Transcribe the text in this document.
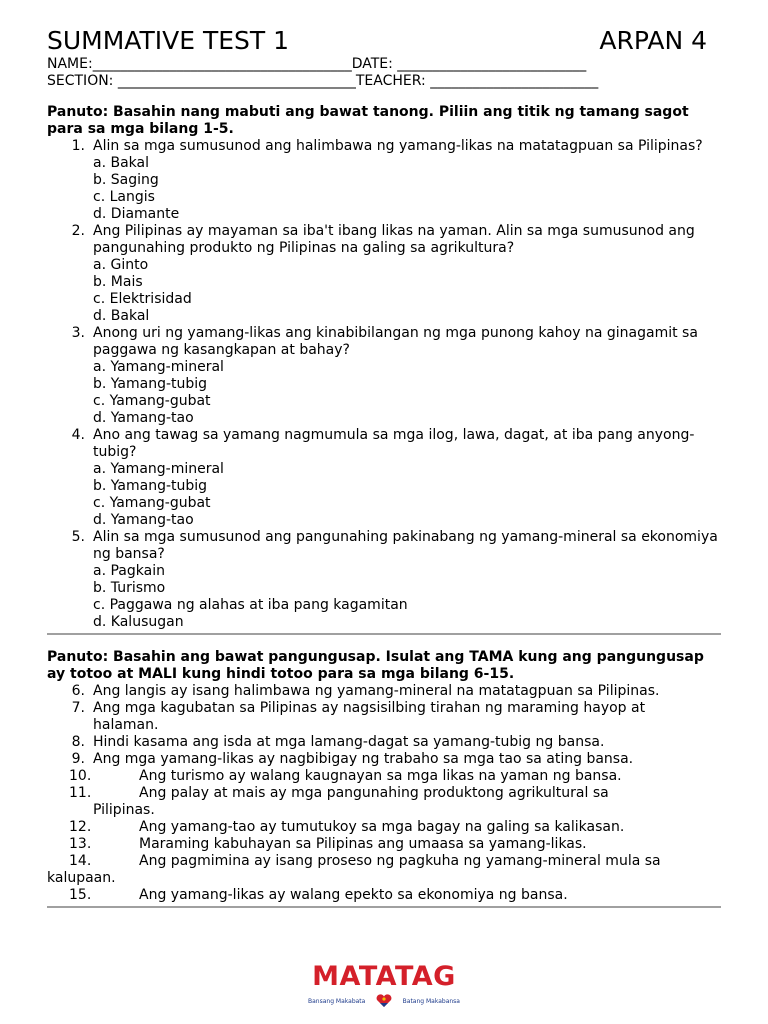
SUMMATIVE TEST 1	ARPAN 4
NAME:_____________________________________DATE: ___________________________
SECTION: __________________________________TEACHER: ________________________
Panuto: Basahin nang mabuti ang bawat tanong. Piliin ang titik ng tamang sagot para sa mga bilang 1-5.
1. Alin sa mga sumusunod ang halimbawa ng yamang-likas na matatagpuan sa Pilipinas?
a. Bakal
b. Saging
c. Langis
d. Diamante
2. Ang Pilipinas ay mayaman sa iba't ibang likas na yaman. Alin sa mga sumusunod ang pangunahing produkto ng Pilipinas na galing sa agrikultura?
a. Ginto
b. Mais
c. Elektrisidad
d. Bakal
3. Anong uri ng yamang-likas ang kinabibilangan ng mga punong kahoy na ginagamit sa paggawa ng kasangkapan at bahay?
a. Yamang-mineral
b. Yamang-tubig
c. Yamang-gubat
d. Yamang-tao
4. Ano ang tawag sa yamang nagmumula sa mga ilog, lawa, dagat, at iba pang anyong-tubig?
a. Yamang-mineral
b. Yamang-tubig
c. Yamang-gubat
d. Yamang-tao
5. Alin sa mga sumusunod ang pangunahing pakinabang ng yamang-mineral sa ekonomiya ng bansa?
a. Pagkain
b. Turismo
c. Paggawa ng alahas at iba pang kagamitan
d. Kalusugan
Panuto: Basahin ang bawat pangungusap. Isulat ang TAMA kung ang pangungusap ay totoo at MALI kung hindi totoo para sa mga bilang 6-15.
6. Ang langis ay isang halimbawa ng yamang-mineral na matatagpuan sa Pilipinas.
7. Ang mga kagubatan sa Pilipinas ay nagsisilbing tirahan ng maraming hayop at
halaman.
8. Hindi kasama ang isda at mga lamang-dagat sa yamang-tubig ng bansa.
9. Ang mga yamang-likas ay nagbibigay ng trabaho sa mga tao sa ating bansa.
10.	Ang turismo ay walang kaugnayan sa mga likas na yaman ng bansa.
11.	Ang palay at mais ay mga pangunahing produktong agrikultural sa
Pilipinas.
12.	Ang yamang-tao ay tumutukoy sa mga bagay na galing sa kalikasan.
13.	Maraming kabuhayan sa Pilipinas ang umaasa sa yamang-likas.
14.	Ang pagmimina ay isang proseso ng pagkuha ng yamang-mineral mula sa
kalupaan.
15.	Ang yamang-likas ay walang epekto sa ekonomiya ng bansa.
MATATAG
Bansang Makabata	Batang Makabansa
